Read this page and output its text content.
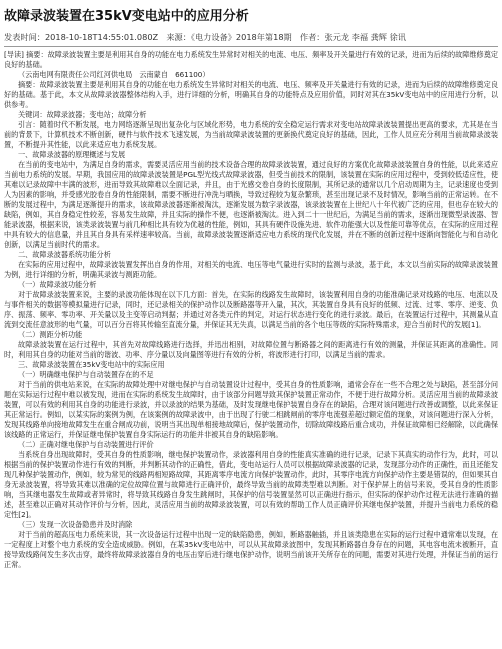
故障录波装置在35kV变电站中的应用分析
发表时间：2018-10-18T14:55:01.080Z　来源：《电力设备》2018年第18期　作者：张元龙 李福 龚辉 徐讯

[导读] 摘要：故障录波装置主要是利用其自身的功能在电力系统发生异常时对相关的电流、电压、频率及开关量进行有效的记录，进而为后续的故障维修奠定良好的基础。

（云南电网有限责任公司红河供电局　云南蒙自　661100）

摘要：故障录波装置主要是利用其自身的功能在电力系统发生异常时对相关的电流、电压、频率及开关量进行有效的记录，进而为后续的故障维修奠定良好的基础。基于此，本文从故障录波器整体结构入手，进行详细的分析，明确其自身的功能特点及应用价值，同时对其在35kV变电站中的应用进行分析，以供参考。

关键词：故障录波器；变电站；故障分析

引言：随着时代不断发展，电力网络逐渐呈现出复杂化与区域化形势，电力系统的安全稳定运行需求对变电站故障录波装置提出更高的要求，尤其是在当前的背景下，计算机技术不断创新，硬件与软件技术飞速发展，为当前故障录波装置的更新换代奠定良好的基础，因此，工作人员应充分利用当前故障录波装置，不断提升其性能，以此来适应电力系统发展。

一、故障录波器的原理概述与发展

在当前的变电站中，为满足自身的需求，需要灵活应用当前的技术设备合理的故障录波装置，通过良好的方案优化故障录波装置自身的性能，以此来适应当前电力系统的发展。早期，我国应用的故障录波装置是PGL型光线式故障录波器，但受当前技术的限制，该装置在实际的应用过程中，受到较低适应性，使其难以记录故障中丰满的波形，进而导致其故障难以全面记录，并且，由于光感交卷自身的长度限制，其所记录的通常以几个启动周期为主，记录速度也受到人为因素的影响，并受感光胶卷自身的性能限制，需要不断进行冲洗与晒换，导致过程较为复杂繁琐，甚至出现记录不及时情况，影响当前的正常运转。在不断的发展过程中，为满足逐渐提升的需求，该故障录波器逐渐被淘汰，逐渐发展为数字录波器，该录波装置在上世纪八十年代被广泛的应用，但也存在较大的缺陷，例如，其自身稳定性较差，容易发生故障，并且实际的操作不便，也逐渐被淘汰。进入到二十一世纪后，为满足当前的需求，逐渐出现微型录波器、智能录波器，根据来说，该类录波装置与前几种相比具有较为优越的性能，例如，其具有硬件设施先进、软件功能强大以及性能可靠等优点，在实际的应用过程中具有较大的信息量，并且其自身具有采样速率较高。当前，故障录波装置逐渐适应电力系统的现代化发展，并在不断的创新过程中逐渐向智能化与和自动化创新，以满足当前时代的需求。

二、故障录波器系统功能分析

在实际的应用过程中，故障录波装置发挥出自身的作用，对相关的电流、电压等电气量进行实时的监测与录波，基于此，本文以当前实际的故障录波装置为例，进行详细的分析，明确其录波与测距功能。

（一）故障录波功能分析

对于故障录波装置来说，主要的录波功能体现在以下几方面：首先，在实际的线路发生故障时，该装置利用自身的功能准确记录对线路的电压、电流以及与事件相关的数据等模拟量进行记录，同时，还记录相关的保护动作以及断路器等开入量，其次，其装置自身具有良好的低频、过流、过零、零序、逆变、负序、振荡、频率、零功率、开关量以及主变等启动判据；并通过对各类元件的判定，对运行状态进行变化的进行录波。最后，在装置运行过程中，其测量从直流到交流任意波形的电气量，可以百分百将其传输至直流分量，并保证其无失真，以满足当前的各个电压等级的实际特殊需求，迎合当前时代的发展[1]。

（二）测距分析功能

故障录波装置在运行过程中，其首先对故障线路进行选择，并迅出相别，对故障位置与断路器之间的距离进行有效的测量，并保证其距离的准确性。同时，利用其自身的功能对当前的谐波、功率、序分量以及向量图等进行有效的分析，将波形进行打印，以满足当前的需求。

三、故障录波装置在35kV变电站中的实际应用

（一）明确继电保护与自动装置存在的不足

对于当前的供电站来说，在实际的故障处理中对继电保护与自动装置设计过程中，受其自身的性质影响，通常会存在一些不合理之处与缺陷，甚至部分问题在实际运行过程中难以被发现，进而在实际的系统发生故障时，由于该部分问题导致其保护装置正常动作，不便于进行故障分析。灵活应用当前的故障录波装置，可以有效的利用其自身的功能进行录波，并以录波的结果为基础，及时发现继电保护装置自身存在的缺陷，合理对该问题进行改善或调整，以此来保证其正常运行。例如，以某实际的案例为例，在该案例的故障录波中，由于出现了行驶二相跳闸前的零序电流强差超过额定值的现象，对该问题进行深入分析，发现其线路单向接地故障发生在重合闸成功前，说明当其出现单相接地故障后，保护装置动作，切除故障线路后重合成功，并保证故障相已经解除，以此确保该线路的正常运行，并保证继电保护装置自身实际运行的功能并非被其自身的缺陷影响。

（二）正确对继电保护与自动装置进行评价

当系统自身出现故障时，受其自身的性质影响，继电保护装置动作，录波器利用自身的性能真实准确的进行记录，记录下其真实的动作行为，此时，可以根据当前的保护装置动作进行有效的判断，并判断其动作的正确性，借此，变电站运行人员可以根据故障录波器的记录，发现部分动作的正确性，而且还能发现几种保护装置动作，例如，较为常见的线路两相短路故障，其距离零序电流方向保护装置动作，此时，其零序电流方向保护动作主要是错误的，但如果其自身无录波装置，将导致其难以准确的定位故障位置与故障进行正确评价，最终导致当前的故障类型难以判断。对于保护屏上的信号来说，受其自身的性质影响，当其继电器发生故障或者异常时，将导致其线路自身发生跳闸时，其保护的信号装置显然可以正确进行指示，但实际的保护动作过程无法进行准确的描述，甚至难以正确对其动作评价与分析，因此，灵活应用当前的故障录波装置，可以有效的帮助工作人员正确评价其继电保护装置，并提升当前电力系统的稳定性[2]。

（三）发现一次设备隐患并及时消除

对于当前的超高压电力系统来说，其一次设备运行过程中出现一定的缺陷隐患，例如，断路器触插，并且该类隐患在实际的运行过程中通常难以发现，在一定程度上对整个电力系统的安全造成威胁。例如，在某35kV变电站中，可以从其故障录波图中，发现其断路器自身存在的问题，其电容电流未被断开，直接导致线路间发生多次击穿，最终将故障录波器自身的电压击穿后进行继电保护动作，说明当前该开关所存在的问题，需要对其进行处理，并保证当前的运行正常。
